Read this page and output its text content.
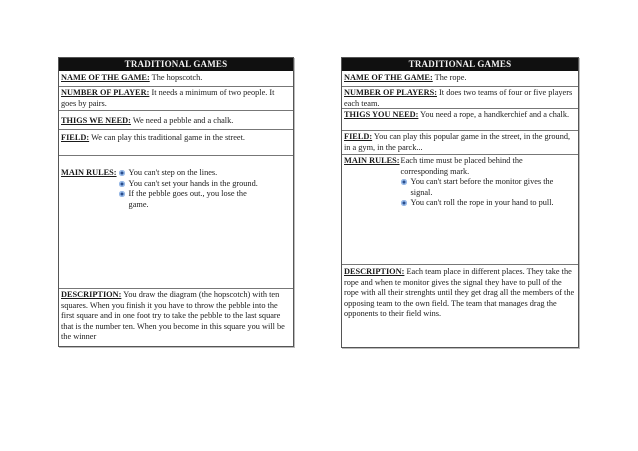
TRADITIONAL GAMES
NAME OF THE GAME: The hopscotch.
NUMBER OF PLAYER: It needs a minimum of two people. It goes by pairs.
THIGS WE NEED: We need a pebble and a chalk.
FIELD: We can play this traditional game in the street.
MAIN RULES:	You can't step on the lines.
You can't set your hands in the ground.
If the pebble goes out., you lose the game.
DESCRIPTION: You draw the diagram (the hopscotch) with ten squares. When you finish it you have to throw the pebble into the first square and in one foot try to take the pebble to the last square that is the number ten. When you become in this square you will be the winner
TRADITIONAL GAMES
NAME OF THE GAME: The rope.
NUMBER OF PLAYERS: It does two teams of four or five players each team.
THIGS YOU NEED: You need a rope, a handkerchief and a chalk.
FIELD: You can play this popular game in the street, in the ground, in a gym, in the parck...
MAIN RULES: Each time must be placed behind the corresponding mark.
You can't start before the monitor gives the signal.
You can't roll the rope in your hand to pull.
DESCRIPTION: Each team place in different places. They take the rope and when te monitor gives the signal they have to pull of the rope with all their strenghts until they get drag all the members of the opposing team to the own field. The team that manages drag the opponents to their field wins.
